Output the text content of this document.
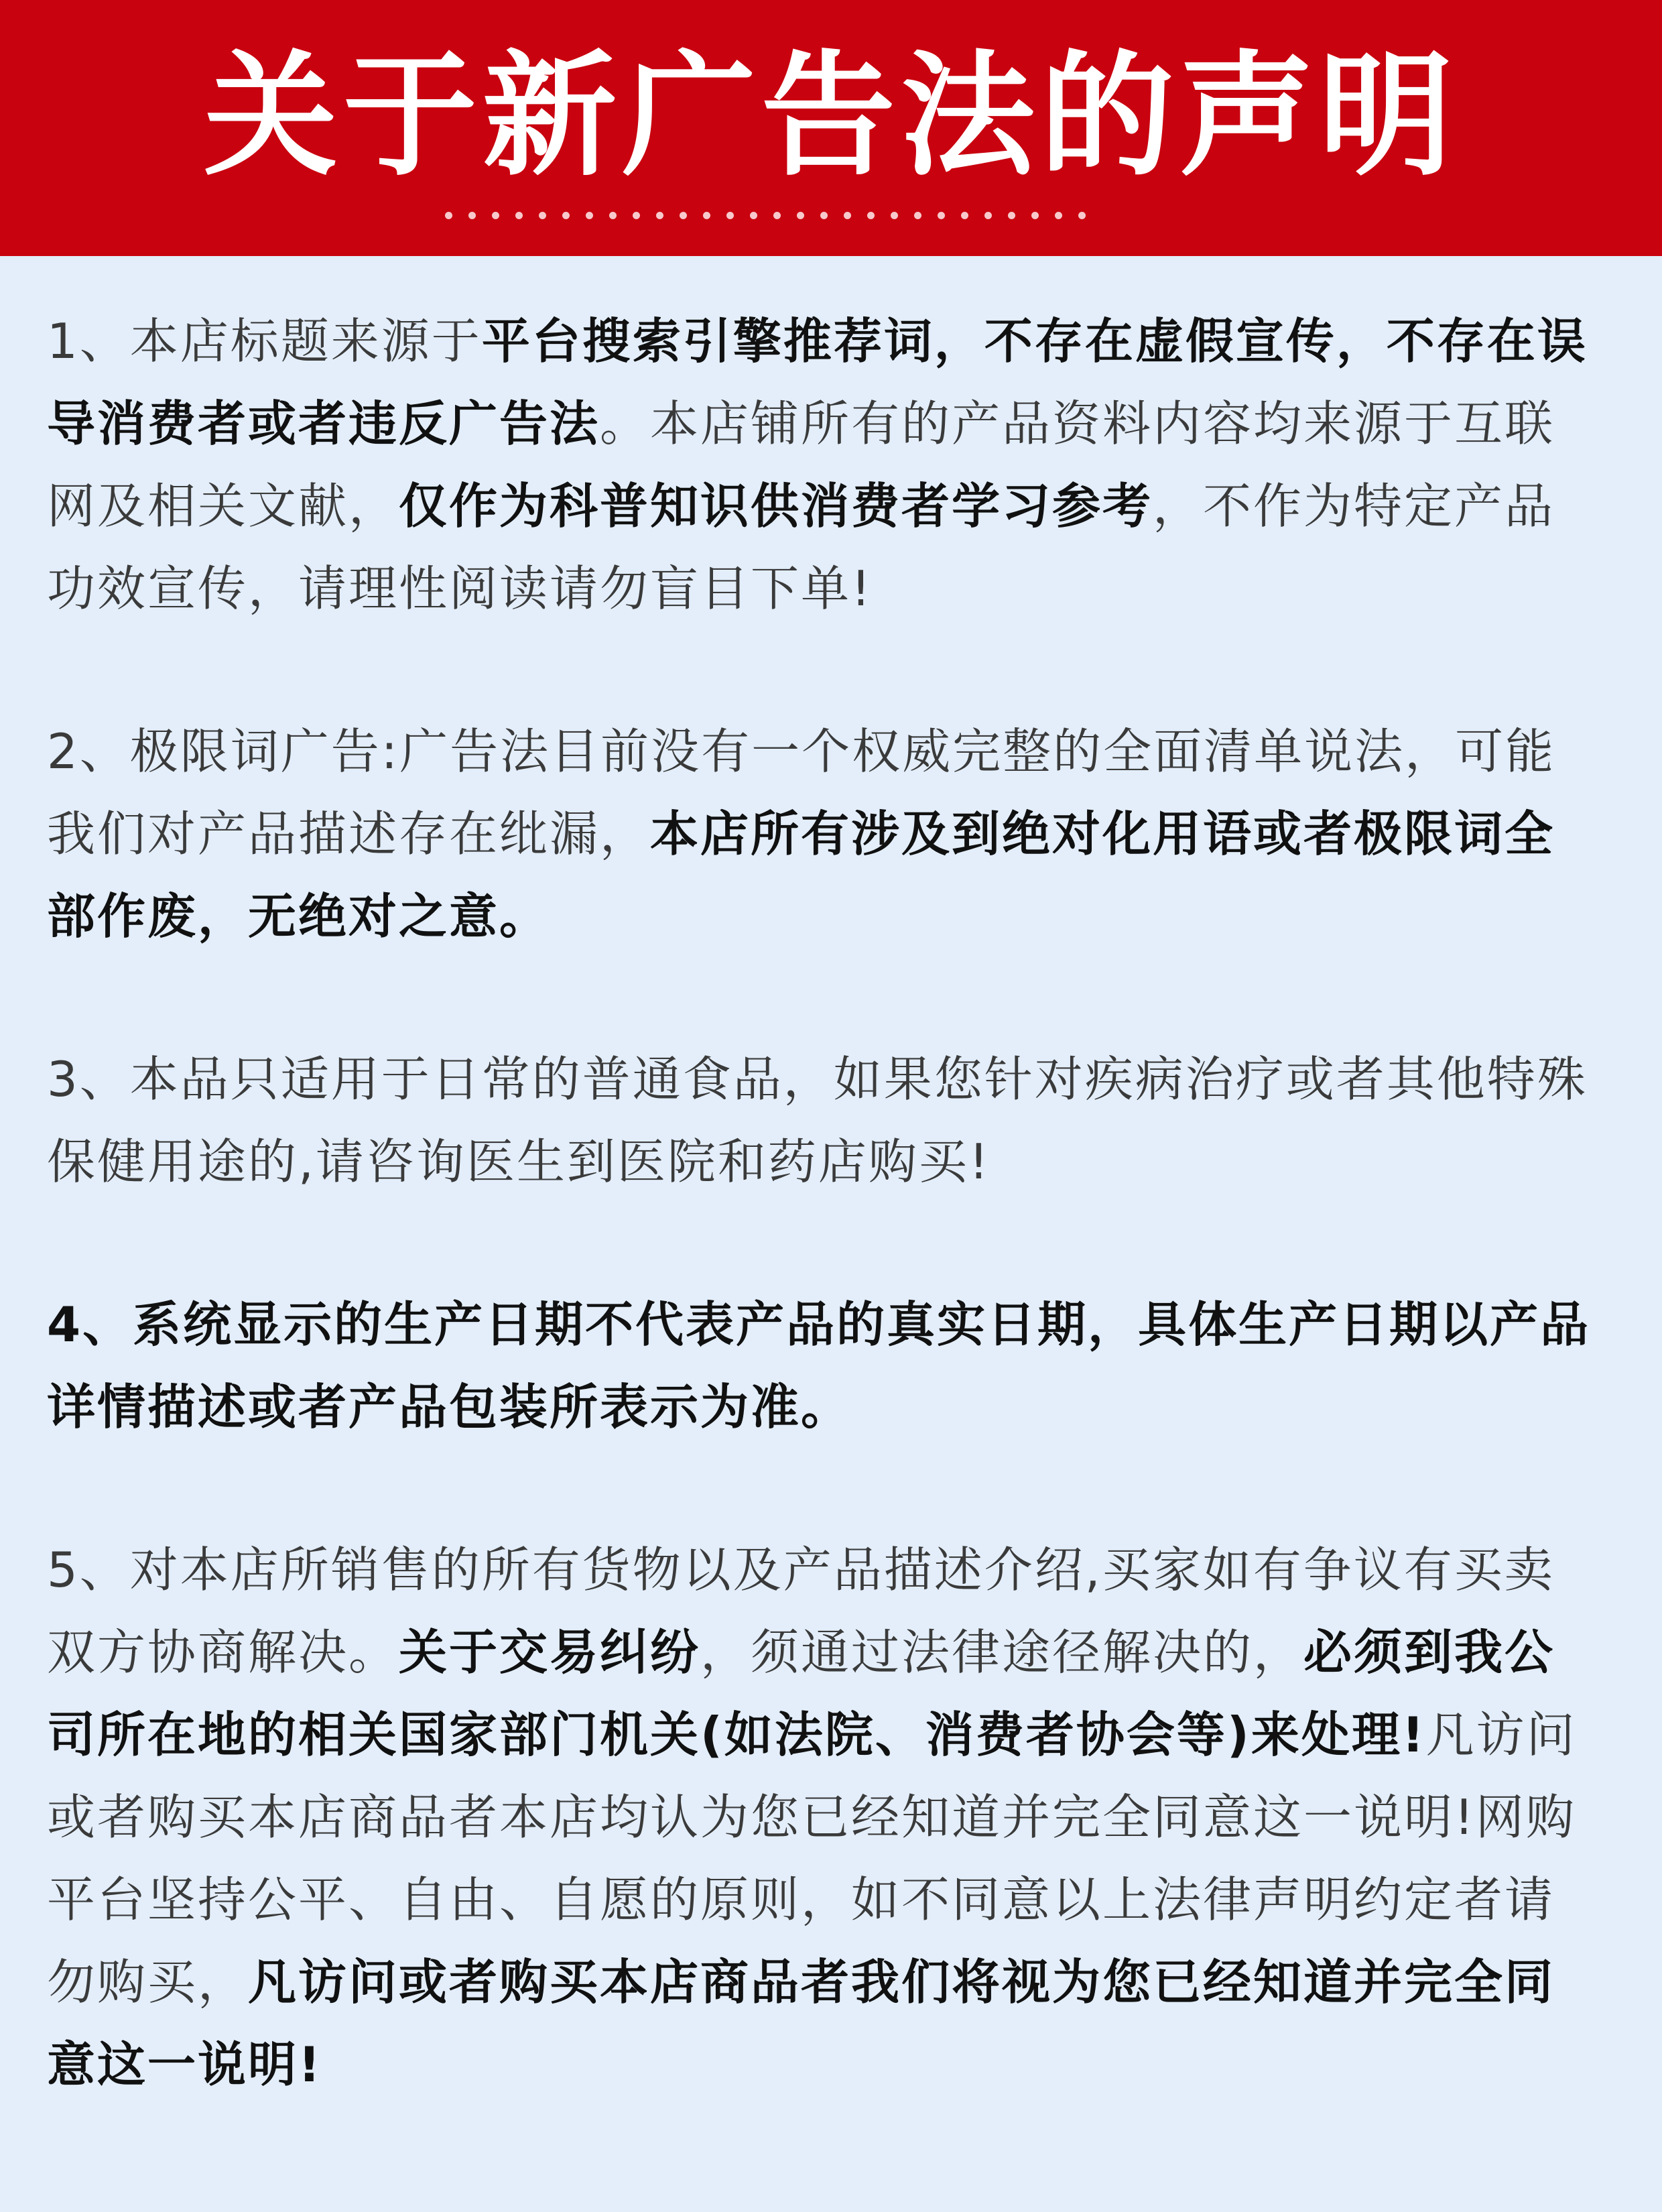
关于新广告法的声明
1、本店标题来源于平台搜索引擎推荐词，不存在虚假宣传，不存在误
导消费者或者违反广告法。本店铺所有的产品资料内容均来源于互联
网及相关文献，仅作为科普知识供消费者学习参考，不作为特定产品
功效宣传，请理性阅读请勿盲目下单!
2、极限词广告:广告法目前没有一个权威完整的全面清单说法，可能
我们对产品描述存在纰漏，本店所有涉及到绝对化用语或者极限词全
部作废，无绝对之意。
3、本品只适用于日常的普通食品，如果您针对疾病治疗或者其他特殊
保健用途的,请咨询医生到医院和药店购买!
4、系统显示的生产日期不代表产品的真实日期，具体生产日期以产品
详情描述或者产品包装所表示为准。
5、对本店所销售的所有货物以及产品描述介绍,买家如有争议有买卖
双方协商解决。关于交易纠纷，须通过法律途径解决的，必须到我公
司所在地的相关国家部门机关(如法院、消费者协会等)来处理!凡访问
或者购买本店商品者本店均认为您已经知道并完全同意这一说明!网购
平台坚持公平、自由、自愿的原则，如不同意以上法律声明约定者请
勿购买，凡访问或者购买本店商品者我们将视为您已经知道并完全同
意这一说明!
